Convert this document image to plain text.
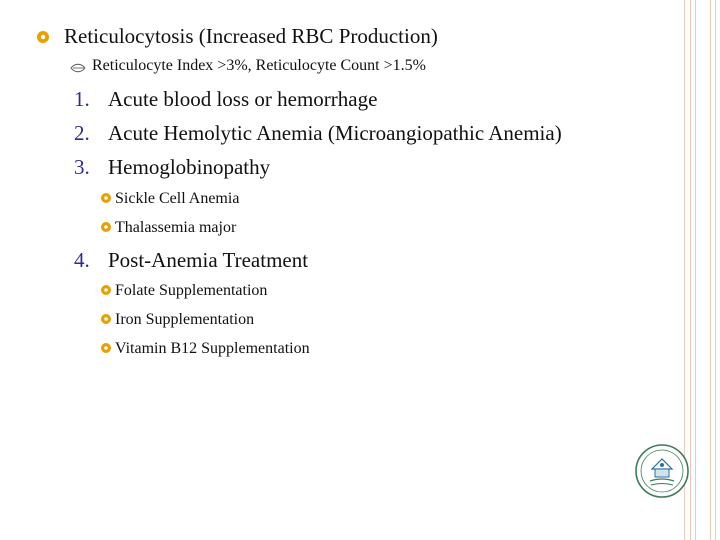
Reticulocytosis (Increased RBC Production)
Reticulocyte Index >3%, Reticulocyte Count >1.5%
1. Acute blood loss or hemorrhage
2. Acute Hemolytic Anemia (Microangiopathic Anemia)
3. Hemoglobinopathy
Sickle Cell Anemia
Thalassemia major
4. Post-Anemia Treatment
Folate Supplementation
Iron Supplementation
Vitamin B12 Supplementation
